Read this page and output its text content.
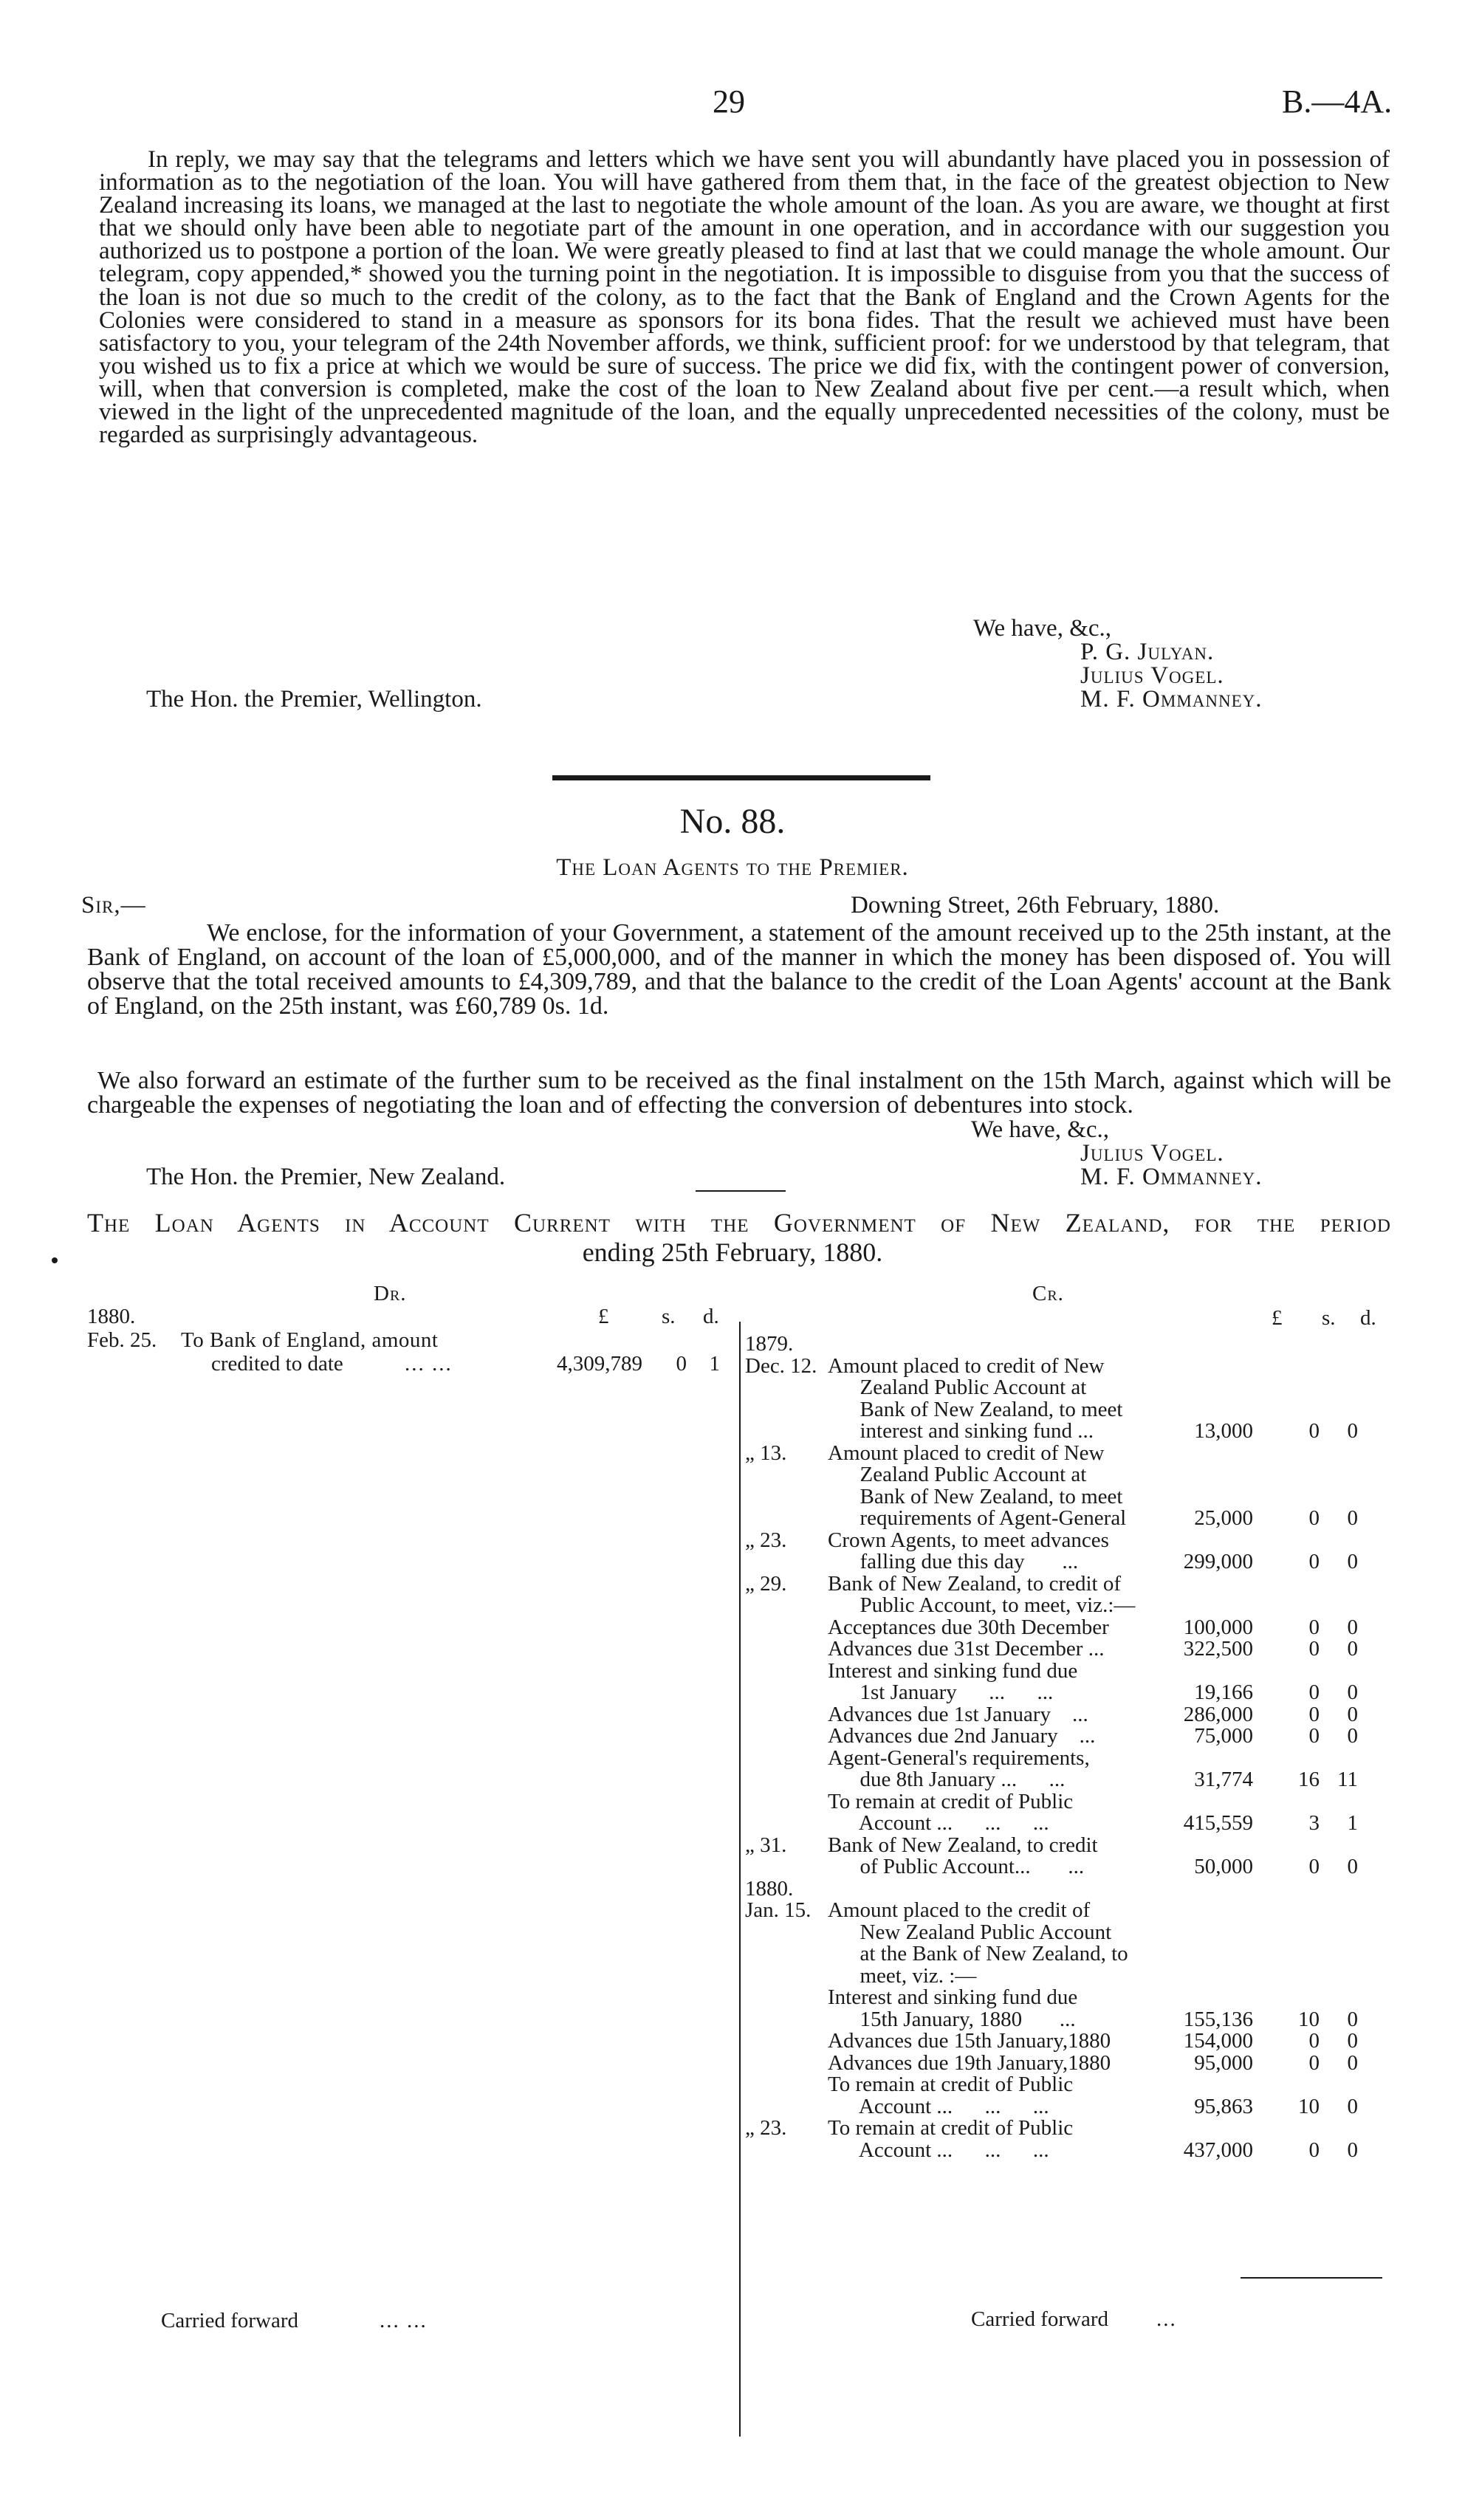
29	B.—4A.
In reply, we may say that the telegrams and letters which we have sent you will abundantly have placed you in possession of information as to the negotiation of the loan. You will have gathered from them that, in the face of the greatest objection to New Zealand increasing its loans, we managed at the last to negotiate the whole amount of the loan. As you are aware, we thought at first that we should only have been able to negotiate part of the amount in one operation, and in accordance with our suggestion you authorized us to postpone a portion of the loan. We were greatly pleased to find at last that we could manage the whole amount. Our telegram, copy appended,* showed you the turning point in the negotiation. It is impossible to disguise from you that the success of the loan is not due so much to the credit of the colony, as to the fact that the Bank of England and the Crown Agents for the Colonies were considered to stand in a measure as sponsors for its bona fides. That the result we achieved must have been satisfactory to you, your telegram of the 24th November affords, we think, sufficient proof: for we understood by that telegram, that you wished us to fix a price at which we would be sure of success. The price we did fix, with the contingent power of conversion, will, when that conversion is completed, make the cost of the loan to New Zealand about five per cent.—a result which, when viewed in the light of the unprecedented magnitude of the loan, and the equally unprecedented necessities of the colony, must be regarded as surprisingly advantageous.
We have, &c.,
P. G. Julyan.
Julius Vogel.
The Hon. the Premier, Wellington.	M. F. Ommanney.
No. 88.
The Loan Agents to the Premier.
Sir,—	Downing Street, 26th February, 1880.
We enclose, for the information of your Government, a statement of the amount received up to the 25th instant, at the Bank of England, on account of the loan of £5,000,000, and of the manner in which the money has been disposed of. You will observe that the total received amounts to £4,309,789, and that the balance to the credit of the Loan Agents' account at the Bank of England, on the 25th instant, was £60,789 0s. 1d.
We also forward an estimate of the further sum to be received as the final instalment on the 15th March, against which will be chargeable the expenses of negotiating the loan and of effecting the conversion of debentures into stock.
We have, &c.,
Julius Vogel.
The Hon. the Premier, New Zealand.	M. F. Ommanney.
The Loan Agents in Account Current with the Government of New Zealand, for the period
ending 25th February, 1880.
Dr.
1880.	£ s. d.
Feb. 25. To Bank of England, amount
credited to date	... ...	4,309,789	0	1
Carried forward	... ...
Cr.
£ s. d.
1879.
Dec. 12. Amount placed to credit of New
Zealand Public Account at
Bank of New Zealand, to meet
interest and sinking fund ...	13,000	0	0
„ 13.	Amount placed to credit of New
Zealand Public Account at
Bank of New Zealand, to meet
requirements of Agent-General	25,000	0	0
„ 23.	Crown Agents, to meet advances
falling due this day       ...	299,000	0	0
„ 29.	Bank of New Zealand, to credit of
Public Account, to meet, viz.:—
Acceptances due 30th December	100,000	0	0
Advances due 31st December ...	322,500	0	0
Interest and sinking fund due
1st January      ...      ...	19,166	0	0
Advances due 1st January    ...	286,000	0	0
Advances due 2nd January    ...	75,000	0	0
Agent-General's requirements,
due 8th January ...      ...	31,774	16 11
To remain at credit of Public
Account ...      ...      ...	415,559	3	1
„ 31.	Bank of New Zealand, to credit
of Public Account...       ...	50,000	0	0
1880.
Jan. 15. Amount placed to the credit of
New Zealand Public Account
at the Bank of New Zealand, to
meet, viz. :—
Interest and sinking fund due
15th January, 1880       ...	155,136	10	0
Advances due 15th January,1880	154,000	0	0
Advances due 19th January,1880	95,000	0	0
To remain at credit of Public
Account ...      ...      ...	95,863	10	0
„ 23.	To remain at credit of Public
Account ...      ...      ...	437,000	0	0
Carried forward ...
